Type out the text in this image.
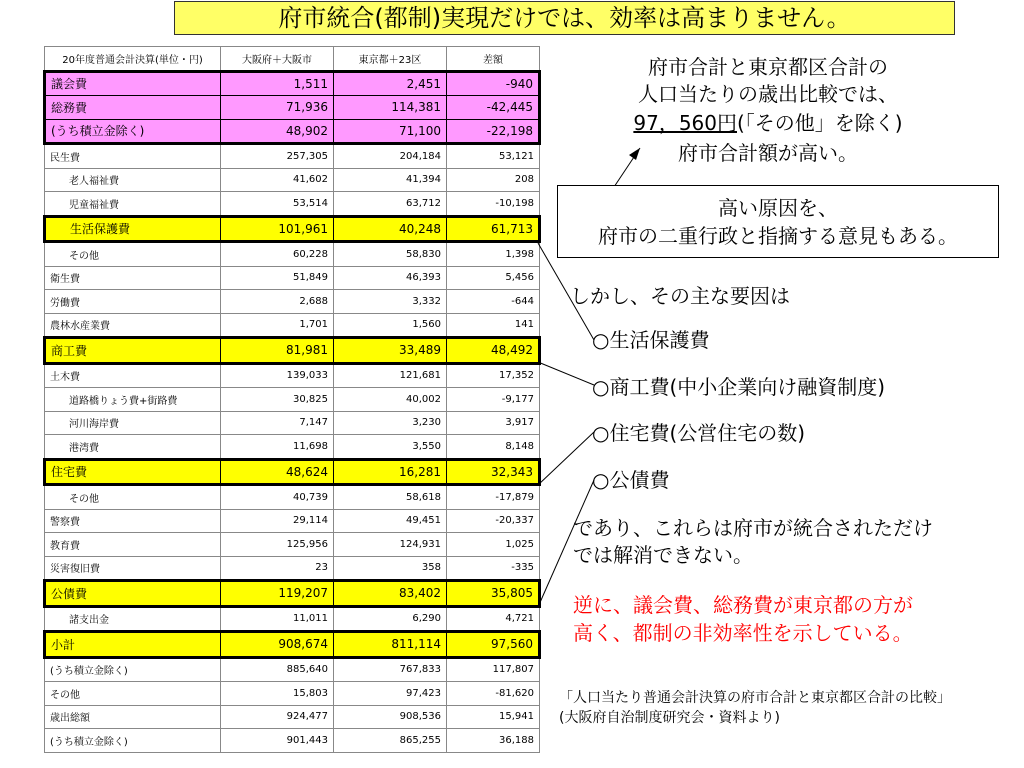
府市統合(都制)実現だけでは、効率は高まりません。
20年度普通会計決算(単位・円)	大阪府＋大阪市	東京都＋23区	差額
議会費	1,511	2,451	-940
総務費	71,936	114,381	-42,445
(うち積立金除く)	48,902	71,100	-22,198
民生費	257,305	204,184	53,121
老人福祉費	41,602	41,394	208
児童福祉費	53,514	63,712	-10,198
生活保護費	101,961	40,248	61,713
その他	60,228	58,830	1,398
衛生費	51,849	46,393	5,456
労働費	2,688	3,332	-644
農林水産業費	1,701	1,560	141
商工費	81,981	33,489	48,492
土木費	139,033	121,681	17,352
道路橋りょう費+街路費	30,825	40,002	-9,177
河川海岸費	7,147	3,230	3,917
港湾費	11,698	3,550	8,148
住宅費	48,624	16,281	32,343
その他	40,739	58,618	-17,879
警察費	29,114	49,451	-20,337
教育費	125,956	124,931	1,025
災害復旧費	23	358	-335
公債費	119,207	83,402	35,805
諸支出金	11,011	6,290	4,721
小計	908,674	811,114	97,560
(うち積立金除く)	885,640	767,833	117,807
その他	15,803	97,423	-81,620
歳出総額	924,477	908,536	15,941
(うち積立金除く)	901,443	865,255	36,188
府市合計と東京都区合計の
人口当たりの歳出比較では、
97，560円(「その他」を除く)
府市合計額が高い。
高い原因を、
府市の二重行政と指摘する意見もある。
しかし、その主な要因は
○生活保護費
○商工費(中小企業向け融資制度)
○住宅費(公営住宅の数)
○公債費
であり、これらは府市が統合されただけ
では解消できない。
逆に、議会費、総務費が東京都の方が
高く、都制の非効率性を示している。
「人口当たり普通会計決算の府市合計と東京都区合計の比較」
(大阪府自治制度研究会・資料より)
